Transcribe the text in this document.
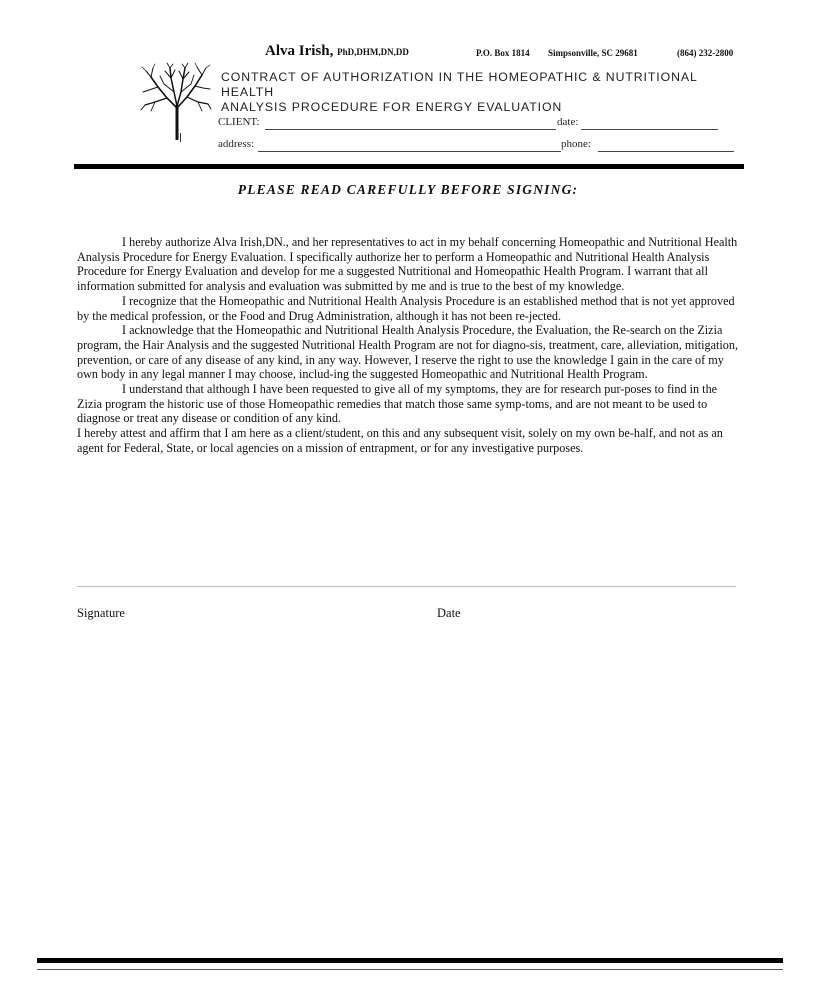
Alva Irish, PhD,DHM,DN,DD	P.O. Box 1814 Simpsonville, SC 29681	(864) 232-2800
CONTRACT OF AUTHORIZATION IN THE HOMEOPATHIC & NUTRITIONAL HEALTH
ANALYSIS PROCEDURE FOR ENERGY EVALUATION
CLIENT:	date:
address:	phone:
PLEASE READ CAREFULLY BEFORE SIGNING:

I hereby authorize Alva Irish,DN., and her representatives to act in my behalf concerning Homeopathic and Nutritional Health Analysis Procedure for Energy Evaluation. I specifically authorize her to perform a Homeopathic and Nutritional Health Analysis Procedure for Energy Evaluation and develop for me a suggested Nutritional and Homeopathic Health Program. I warrant that all information submitted for analysis and evaluation was submitted by me and is true to the best of my knowledge.

I recognize that the Homeopathic and Nutritional Health Analysis Procedure is an established method that is not yet approved by the medical profession, or the Food and Drug Administration, although it has not been re-jected.

I acknowledge that the Homeopathic and Nutritional Health Analysis Procedure, the Evaluation, the Re-search on the Zizia program, the Hair Analysis and the suggested Nutritional Health Program are not for diagno-sis, treatment, care, alleviation, mitigation, prevention, or care of any disease of any kind, in any way. However, I reserve the right to use the knowledge I gain in the care of my own body in any legal manner I may choose, includ-ing the suggested Homeopathic and Nutritional Health Program.

I understand that although I have been requested to give all of my symptoms, they are for research pur-poses to find in the Zizia program the historic use of those Homeopathic remedies that match those same symp-toms, and are not meant to be used to diagnose or treat any disease or condition of any kind.

I hereby attest and affirm that I am here as a client/student, on this and any subsequent visit, solely on my own be-half, and not as an agent for Federal, State, or local agencies on a mission of entrapment, or for any investigative purposes.

Signature	Date
